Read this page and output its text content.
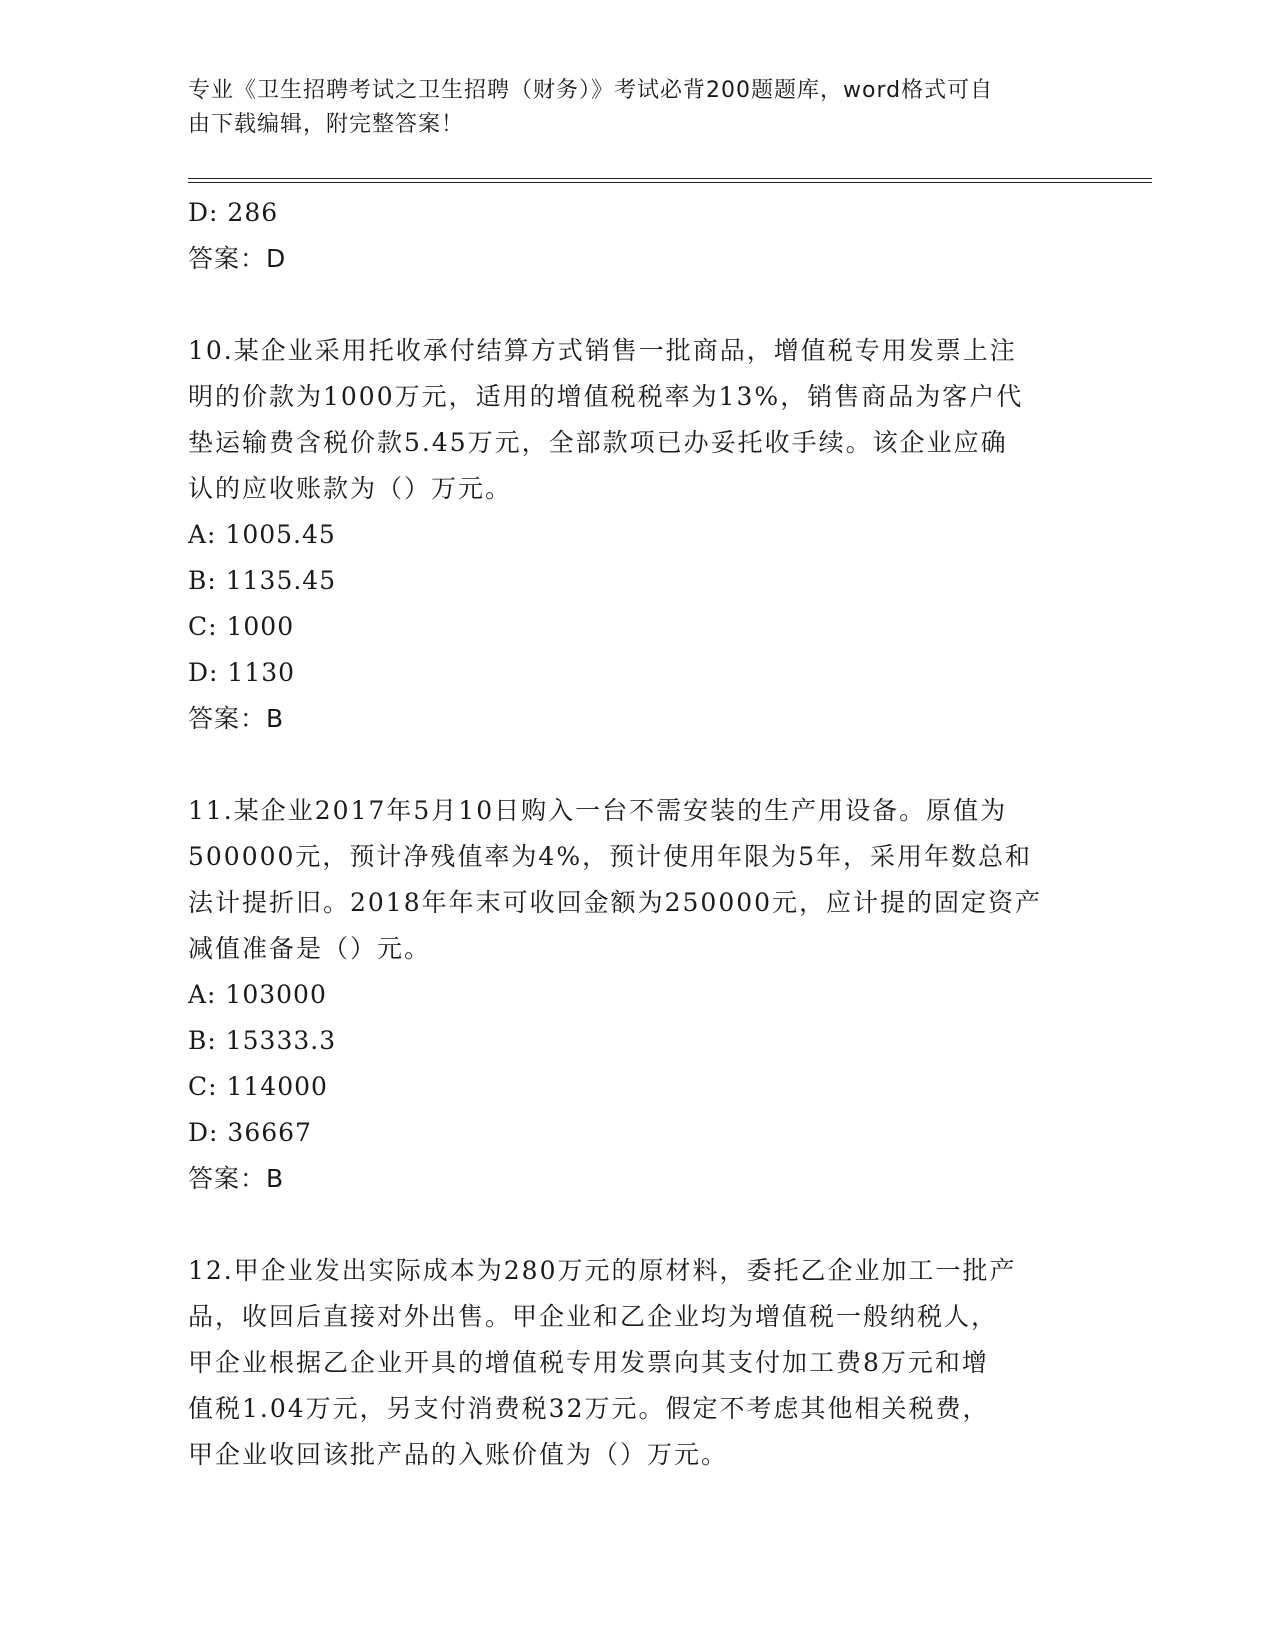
专业《卫生招聘考试之卫生招聘（财务）》考试必背200题题库，word格式可自
由下载编辑，附完整答案！

D: 286

答案：D

10.某企业采用托收承付结算方式销售一批商品，增值税专用发票上注

明的价款为1000万元，适用的增值税税率为13%，销售商品为客户代

垫运输费含税价款5.45万元，全部款项已办妥托收手续。该企业应确

认的应收账款为（）万元。

A: 1005.45

B: 1135.45

C: 1000

D: 1130

答案：B

11.某企业2017年5月10日购入一台不需安装的生产用设备。原值为

500000元，预计净残值率为4%，预计使用年限为5年，采用年数总和

法计提折旧。2018年年末可收回金额为250000元，应计提的固定资产

减值准备是（）元。

A: 103000

B: 15333.3

C: 114000

D: 36667

答案：B

12.甲企业发出实际成本为280万元的原材料，委托乙企业加工一批产

品，收回后直接对外出售。甲企业和乙企业均为增值税一般纳税人，

甲企业根据乙企业开具的增值税专用发票向其支付加工费8万元和增

值税1.04万元，另支付消费税32万元。假定不考虑其他相关税费，

甲企业收回该批产品的入账价值为（）万元。
